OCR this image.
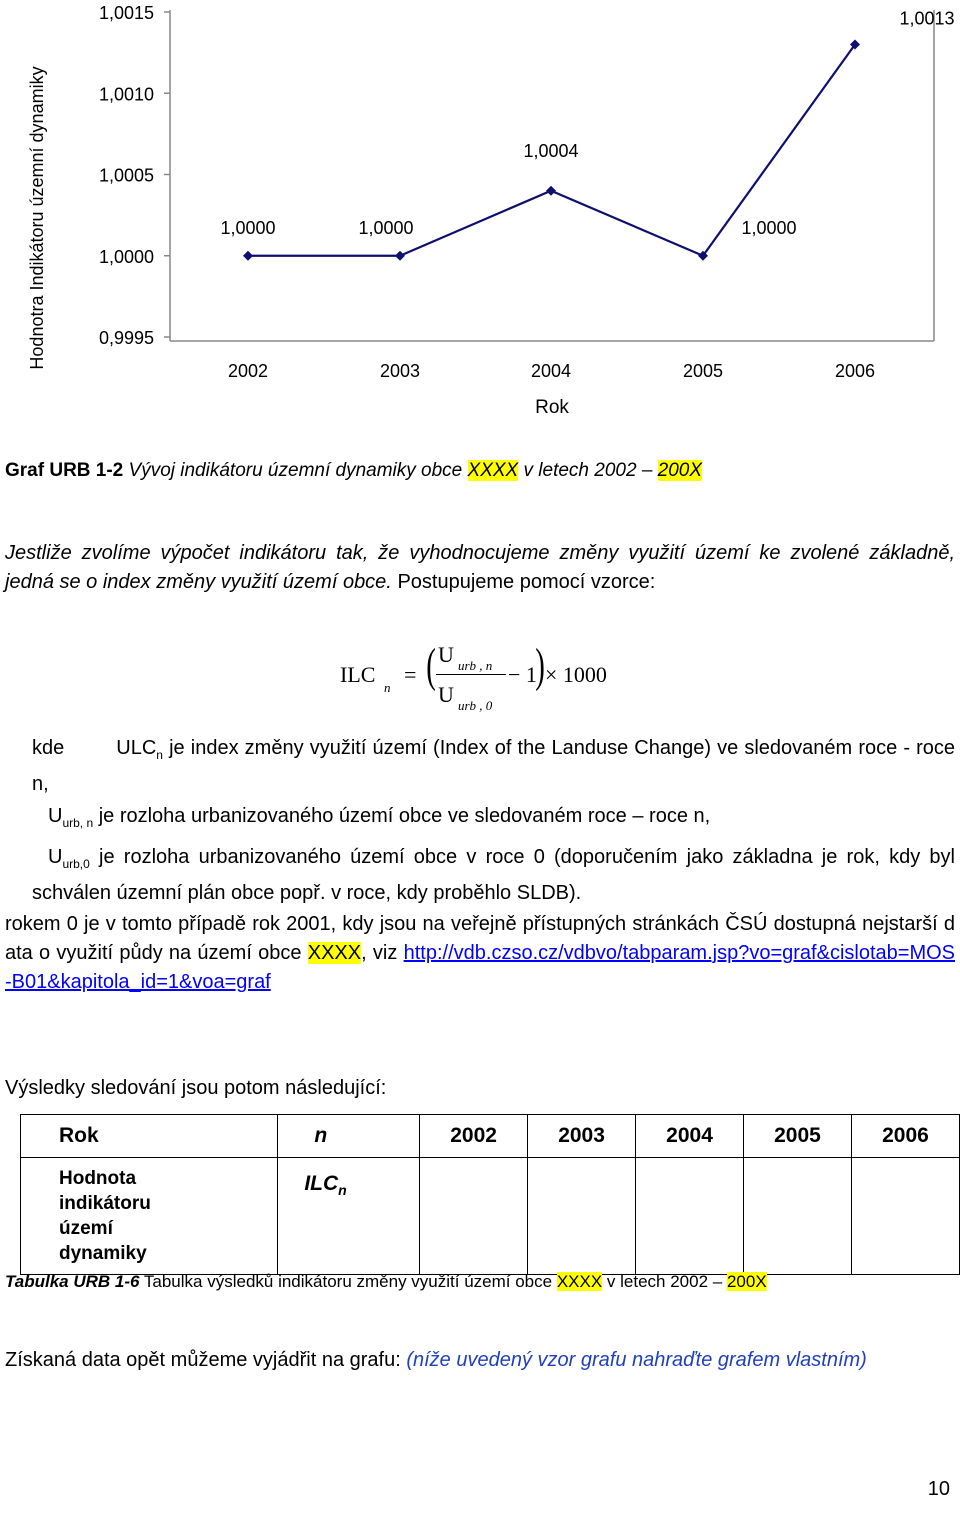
Hodnotra Indikátoru územní dynamiky
1,0015
1,0010
1,0005
1,0000
0,9995
2002	2003	2004	2005	2006
1,0000	1,0000
1,0004
1,0000
1,0013
Rok
Graf URB 1-2 Vývoj indikátoru územní dynamiky obce XXXX v letech 2002 – 200X
Jestliže zvolíme výpočet indikátoru tak, že vyhodnocujeme změny využití území ke zvolené základně, jedná se o index změny využití území obce. Postupujeme pomocí vzorce:
ILC
n
= ( U urb , n
U urb , 0
− 1
) × 1000
kde	$ULC_n$ je index změny využití území (Index of the Landuse Change) ve sledovaném roce - roce n,
$U_{urb, n}$ je rozloha urbanizovaného území obce ve sledovaném roce – roce n,
$U_{urb,0}$ je rozloha urbanizovaného území obce v roce 0 (doporučením jako základna je rok, kdy byl schválen územní plán obce popř. v roce, kdy proběhlo SLDB).
rokem 0 je v tomto případě rok 2001, kdy jsou na veřejně přístupných stránkách ČSÚ dostupná nejstarší data o využití půdy na území obce XXXX, viz http://vdb.czso.cz/vdbvo/tabparam.jsp?vo=graf&cislotab=MOS-B01&kapitola_id=1&voa=graf
Výsledky sledování jsou potom následující:
Rok	n	2002	2003	2004	2005	2006

Hodnota indikátoru území dynamiky	$ILC_n$					
Tabulka URB 1-6 Tabulka výsledků indikátoru změny využití území obce XXXX v letech 2002 – 200X
Získaná data opět můžeme vyjádřit na grafu: (níže uvedený vzor grafu nahraďte grafem vlastním)
10
